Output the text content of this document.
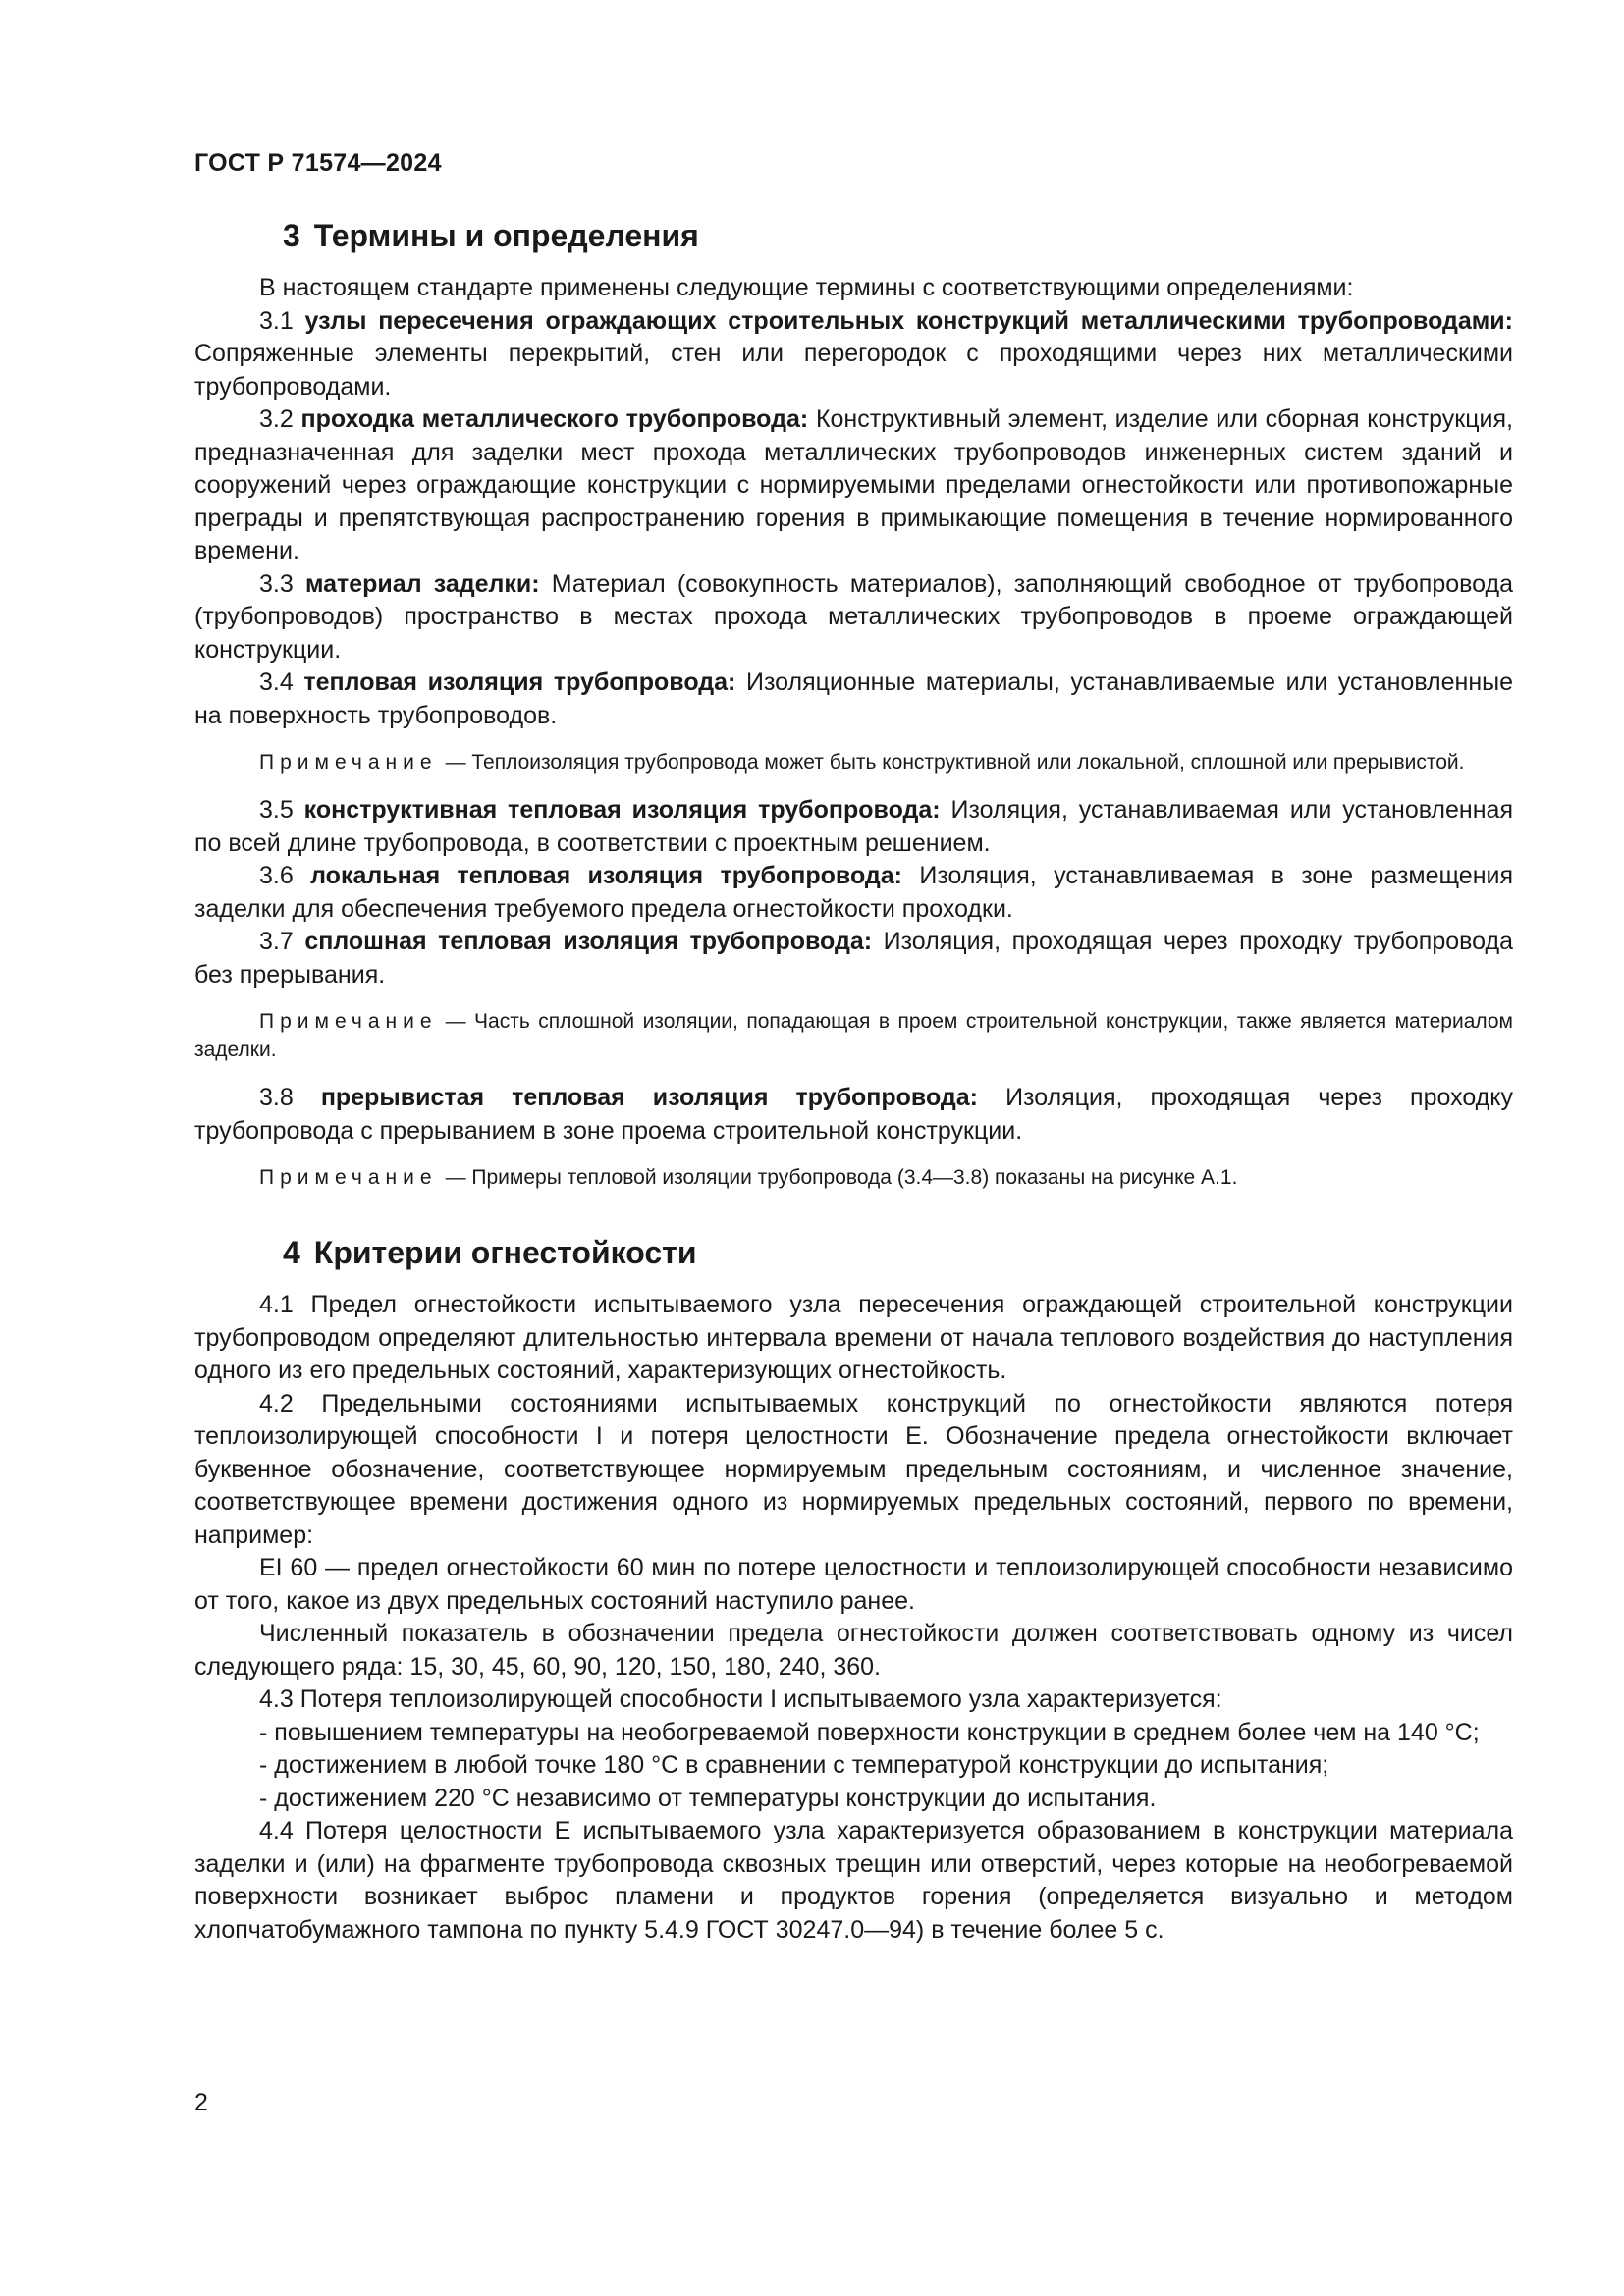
ГОСТ Р 71574—2024
3 Термины и определения

В настоящем стандарте применены следующие термины с соответствующими определениями:

3.1 узлы пересечения ограждающих строительных конструкций металлическими трубопроводами: Сопряженные элементы перекрытий, стен или перегородок с проходящими через них металлическими трубопроводами.

3.2 проходка металлического трубопровода: Конструктивный элемент, изделие или сборная конструкция, предназначенная для заделки мест прохода металлических трубопроводов инженерных систем зданий и сооружений через ограждающие конструкции с нормируемыми пределами огнестойкости или противопожарные преграды и препятствующая распространению горения в примыкающие помещения в течение нормированного времени.

3.3 материал заделки: Материал (совокупность материалов), заполняющий свободное от трубопровода (трубопроводов) пространство в местах прохода металлических трубопроводов в проеме ограждающей конструкции.

3.4 тепловая изоляция трубопровода: Изоляционные материалы, устанавливаемые или установленные на поверхность трубопроводов.

Примечание — Теплоизоляция трубопровода может быть конструктивной или локальной, сплошной или прерывистой.

3.5 конструктивная тепловая изоляция трубопровода: Изоляция, устанавливаемая или установленная по всей длине трубопровода, в соответствии с проектным решением.

3.6 локальная тепловая изоляция трубопровода: Изоляция, устанавливаемая в зоне размещения заделки для обеспечения требуемого предела огнестойкости проходки.

3.7 сплошная тепловая изоляция трубопровода: Изоляция, проходящая через проходку трубопровода без прерывания.

Примечание — Часть сплошной изоляции, попадающая в проем строительной конструкции, также является материалом заделки.

3.8 прерывистая тепловая изоляция трубопровода: Изоляция, проходящая через проходку трубопровода с прерыванием в зоне проема строительной конструкции.

Примечание — Примеры тепловой изоляции трубопровода (3.4—3.8) показаны на рисунке А.1.

4 Критерии огнестойкости

4.1 Предел огнестойкости испытываемого узла пересечения ограждающей строительной конструкции трубопроводом определяют длительностью интервала времени от начала теплового воздействия до наступления одного из его предельных состояний, характеризующих огнестойкость.

4.2 Предельными состояниями испытываемых конструкций по огнестойкости являются потеря теплоизолирующей способности I и потеря целостности E. Обозначение предела огнестойкости включает буквенное обозначение, соответствующее нормируемым предельным состояниям, и численное значение, соответствующее времени достижения одного из нормируемых предельных состояний, первого по времени, например:

EI 60 — предел огнестойкости 60 мин по потере целостности и теплоизолирующей способности независимо от того, какое из двух предельных состояний наступило ранее.

Численный показатель в обозначении предела огнестойкости должен соответствовать одному из чисел следующего ряда: 15, 30, 45, 60, 90, 120, 150, 180, 240, 360.

4.3 Потеря теплоизолирующей способности I испытываемого узла характеризуется:

- повышением температуры на необогреваемой поверхности конструкции в среднем более чем на 140 °С;

- достижением в любой точке 180 °С в сравнении с температурой конструкции до испытания;

- достижением 220 °С независимо от температуры конструкции до испытания.

4.4 Потеря целостности Е испытываемого узла характеризуется образованием в конструкции материала заделки и (или) на фрагменте трубопровода сквозных трещин или отверстий, через которые на необогреваемой поверхности возникает выброс пламени и продуктов горения (определяется визуально и методом хлопчатобумажного тампона по пункту 5.4.9 ГОСТ 30247.0—94) в течение более 5 с.

2
